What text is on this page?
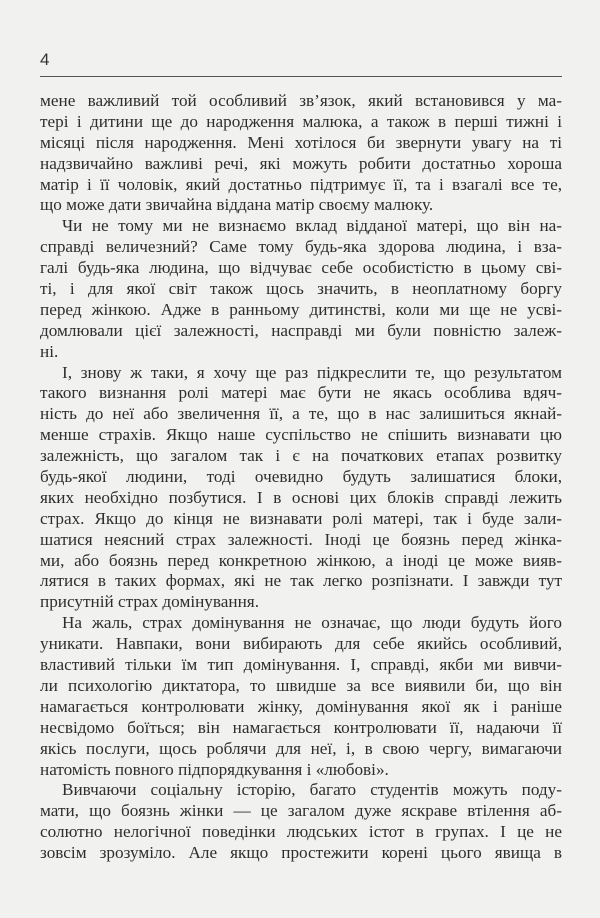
4
мене важливий той особливий зв’язок, який встановився у ма-
тері і дитини ще до народження малюка, а також в перші тижні і
місяці після народження. Мені хотілося би звернути увагу на ті
надзвичайно важливі речі, які можуть робити достатньо хороша
матір і її чоловік, який достатньо підтримує її, та і взагалі все те,
що може дати звичайна віддана матір своєму малюку.
Чи не тому ми не визнаємо вклад відданої матері, що він на-
справді величезний? Саме тому будь-яка здорова людина, і вза-
галі будь-яка людина, що відчуває себе особистістю в цьому сві-
ті, і для якої світ також щось значить, в неоплатному боргу
перед жінкою. Адже в ранньому дитинстві, коли ми ще не усві-
домлювали цієї залежності, насправді ми були повністю залеж-
ні.
І, знову ж таки, я хочу ще раз підкреслити те, що результатом
такого визнання ролі матері має бути не якась особлива вдяч-
ність до неї або звеличення її, а те, що в нас залишиться якнай-
менше страхів. Якщо наше суспільство не спішить визнавати цю
залежність, що загалом так і є на початкових етапах розвитку
будь-якої людини, тоді очевидно будуть залишатися блоки,
яких необхідно позбутися. І в основі цих блоків справді лежить
страх. Якщо до кінця не визнавати ролі матері, так і буде зали-
шатися неясний страх залежності. Іноді це боязнь перед жінка-
ми, або боязнь перед конкретною жінкою, а іноді це може вияв-
лятися в таких формах, які не так легко розпізнати. І завжди тут
присутній страх домінування.
На жаль, страх домінування не означає, що люди будуть його
уникати. Навпаки, вони вибирають для себе якийсь особливий,
властивий тільки їм тип домінування. І, справді, якби ми вивчи-
ли психологію диктатора, то швидше за все виявили би, що він
намагається контролювати жінку, домінування якої як і раніше
несвідомо боїться; він намагається контролювати її, надаючи її
якісь послуги, щось роблячи для неї, і, в свою чергу, вимагаючи
натомість повного підпорядкування і «любові».
Вивчаючи соціальну історію, багато студентів можуть поду-
мати, що боязнь жінки — це загалом дуже яскраве втілення аб-
солютно нелогічної поведінки людських істот в групах. І це не
зовсім зрозуміло. Але якщо простежити корені цього явища в
